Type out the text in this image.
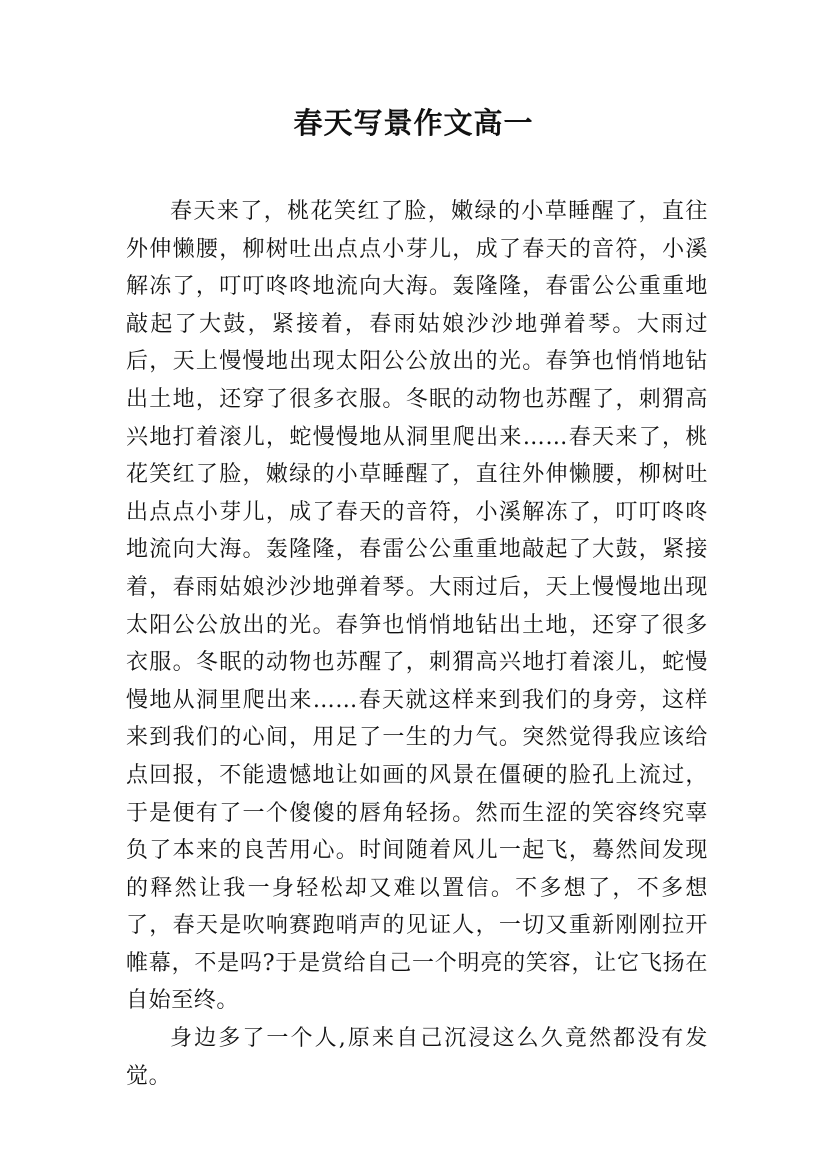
春天写景作文高一

春天来了，桃花笑红了脸，嫩绿的小草睡醒了，直往外伸懒腰，柳树吐出点点小芽儿，成了春天的音符，小溪解冻了，叮叮咚咚地流向大海。轰隆隆，春雷公公重重地敲起了大鼓，紧接着，春雨姑娘沙沙地弹着琴。大雨过后，天上慢慢地出现太阳公公放出的光。春笋也悄悄地钻出土地，还穿了很多衣服。冬眠的动物也苏醒了，刺猬高兴地打着滚儿，蛇慢慢地从洞里爬出来……春天来了，桃花笑红了脸，嫩绿的小草睡醒了，直往外伸懒腰，柳树吐出点点小芽儿，成了春天的音符，小溪解冻了，叮叮咚咚地流向大海。轰隆隆，春雷公公重重地敲起了大鼓，紧接着，春雨姑娘沙沙地弹着琴。大雨过后，天上慢慢地出现太阳公公放出的光。春笋也悄悄地钻出土地，还穿了很多衣服。冬眠的动物也苏醒了，刺猬高兴地打着滚儿，蛇慢慢地从洞里爬出来……春天就这样来到我们的身旁，这样来到我们的心间，用足了一生的力气。突然觉得我应该给点回报，不能遗憾地让如画的风景在僵硬的脸孔上流过，于是便有了一个傻傻的唇角轻扬。然而生涩的笑容终究辜负了本来的良苦用心。时间随着风儿一起飞，蓦然间发现的释然让我一身轻松却又难以置信。不多想了，不多想了，春天是吹响赛跑哨声的见证人，一切又重新刚刚拉开帷幕，不是吗?于是赏给自己一个明亮的笑容，让它飞扬在自始至终。

身边多了一个人,原来自己沉浸这么久竟然都没有发觉。
